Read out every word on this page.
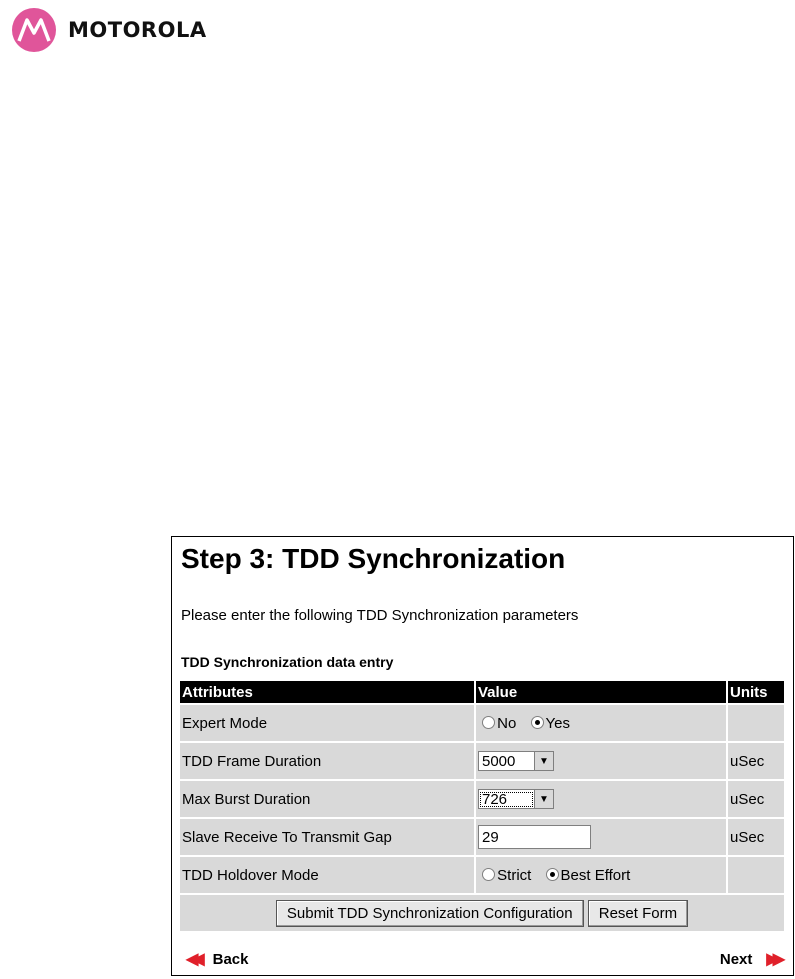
MOTOROLA
Step 3: TDD Synchronization
Please enter the following TDD Synchronization parameters
TDD Synchronization data entry
Attributes	Value	Units
Expert Mode	No Yes	
TDD Frame Duration	5000 ▼	uSec
Max Burst Duration	726 ▼	uSec
Slave Receive To Transmit Gap	29	uSec
TDD Holdover Mode	Strict Best Effort	
Submit TDD Synchronization Configuration Reset Form		
◀◀ Back	Next ▶▶
